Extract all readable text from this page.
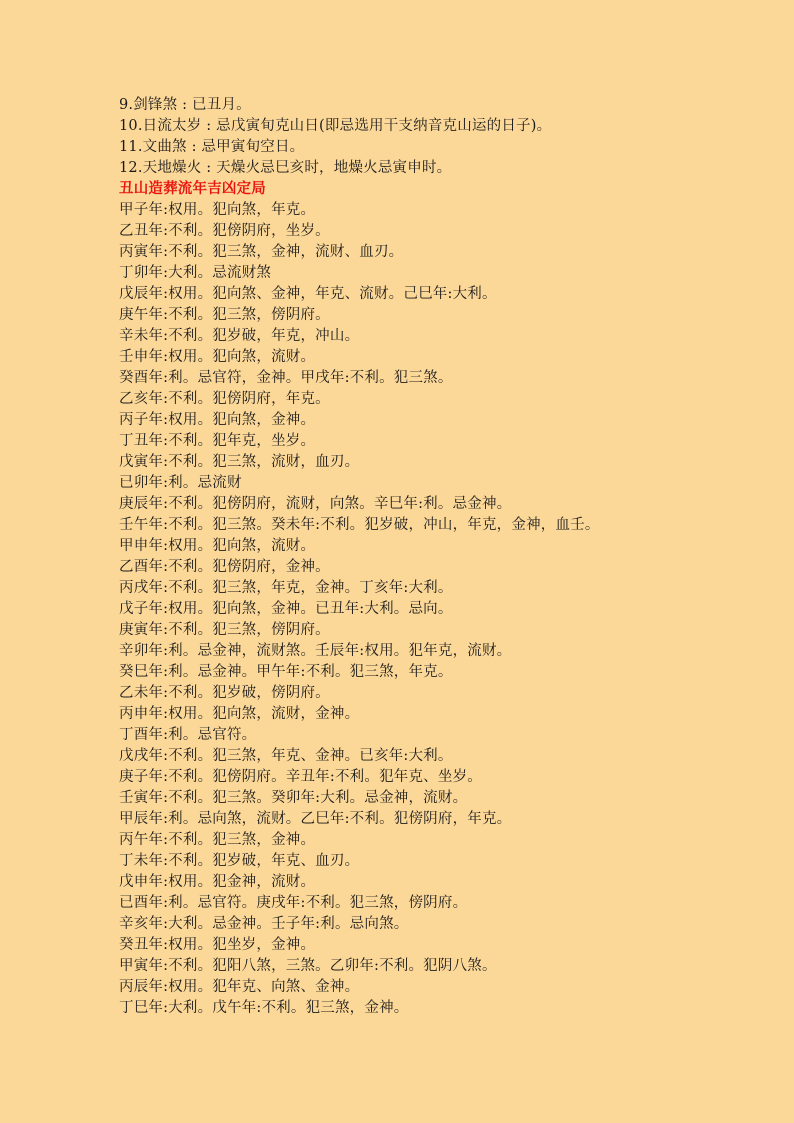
9.剑锋煞 : 已丑月。
10.日流太岁 : 忌戊寅旬克山日(即忌选用干支纳音克山运的日子)。
11.文曲煞 : 忌甲寅旬空日。
12.天地燥火 : 天燥火忌巳亥时，地燥火忌寅申时。
丑山造葬流年吉凶定局
甲子年:权用。犯向煞，年克。
乙丑年:不利。犯傍阴府，坐岁。
丙寅年:不利。犯三煞，金神，流财、血刃。
丁卯年:大利。忌流财煞
戊辰年:权用。犯向煞、金神，年克、流财。己巳年:大利。
庚午年:不利。犯三煞，傍阴府。
辛未年:不利。犯岁破，年克，冲山。
壬申年:权用。犯向煞，流财。
癸酉年:利。忌官符，金神。甲戌年:不利。犯三煞。
乙亥年:不利。犯傍阴府，年克。
丙子年:权用。犯向煞，金神。
丁丑年:不利。犯年克，坐岁。
戊寅年:不利。犯三煞，流财，血刃。
已卯年:利。忌流财
庚辰年:不利。犯傍阴府，流财，向煞。辛巳年:利。忌金神。
壬午年:不利。犯三煞。癸未年:不利。犯岁破，冲山，年克，金神，血壬。
甲申年:权用。犯向煞，流财。
乙酉年:不利。犯傍阴府，金神。
丙戌年:不利。犯三煞，年克，金神。丁亥年:大利。
戊子年:权用。犯向煞，金神。已丑年:大利。忌向。
庚寅年:不利。犯三煞，傍阴府。
辛卯年:利。忌金神，流财煞。壬辰年:权用。犯年克，流财。
癸巳年:利。忌金神。甲午年:不利。犯三煞，年克。
乙未年:不利。犯岁破，傍阴府。
丙申年:权用。犯向煞，流财，金神。
丁酉年:利。忌官符。
戊戌年:不利。犯三煞，年克、金神。已亥年:大利。
庚子年:不利。犯傍阴府。辛丑年:不利。犯年克、坐岁。
壬寅年:不利。犯三煞。癸卯年:大利。忌金神，流财。
甲辰年:利。忌向煞，流财。乙巳年:不利。犯傍阴府，年克。
丙午年:不利。犯三煞，金神。
丁未年:不利。犯岁破，年克、血刃。
戊申年:权用。犯金神，流财。
已酉年:利。忌官符。庚戌年:不利。犯三煞，傍阴府。
辛亥年:大利。忌金神。壬子年:利。忌向煞。
癸丑年:权用。犯坐岁，金神。
甲寅年:不利。犯阳八煞，三煞。乙卯年:不利。犯阴八煞。
丙辰年:权用。犯年克、向煞、金神。
丁巳年:大利。戊午年:不利。犯三煞，金神。
